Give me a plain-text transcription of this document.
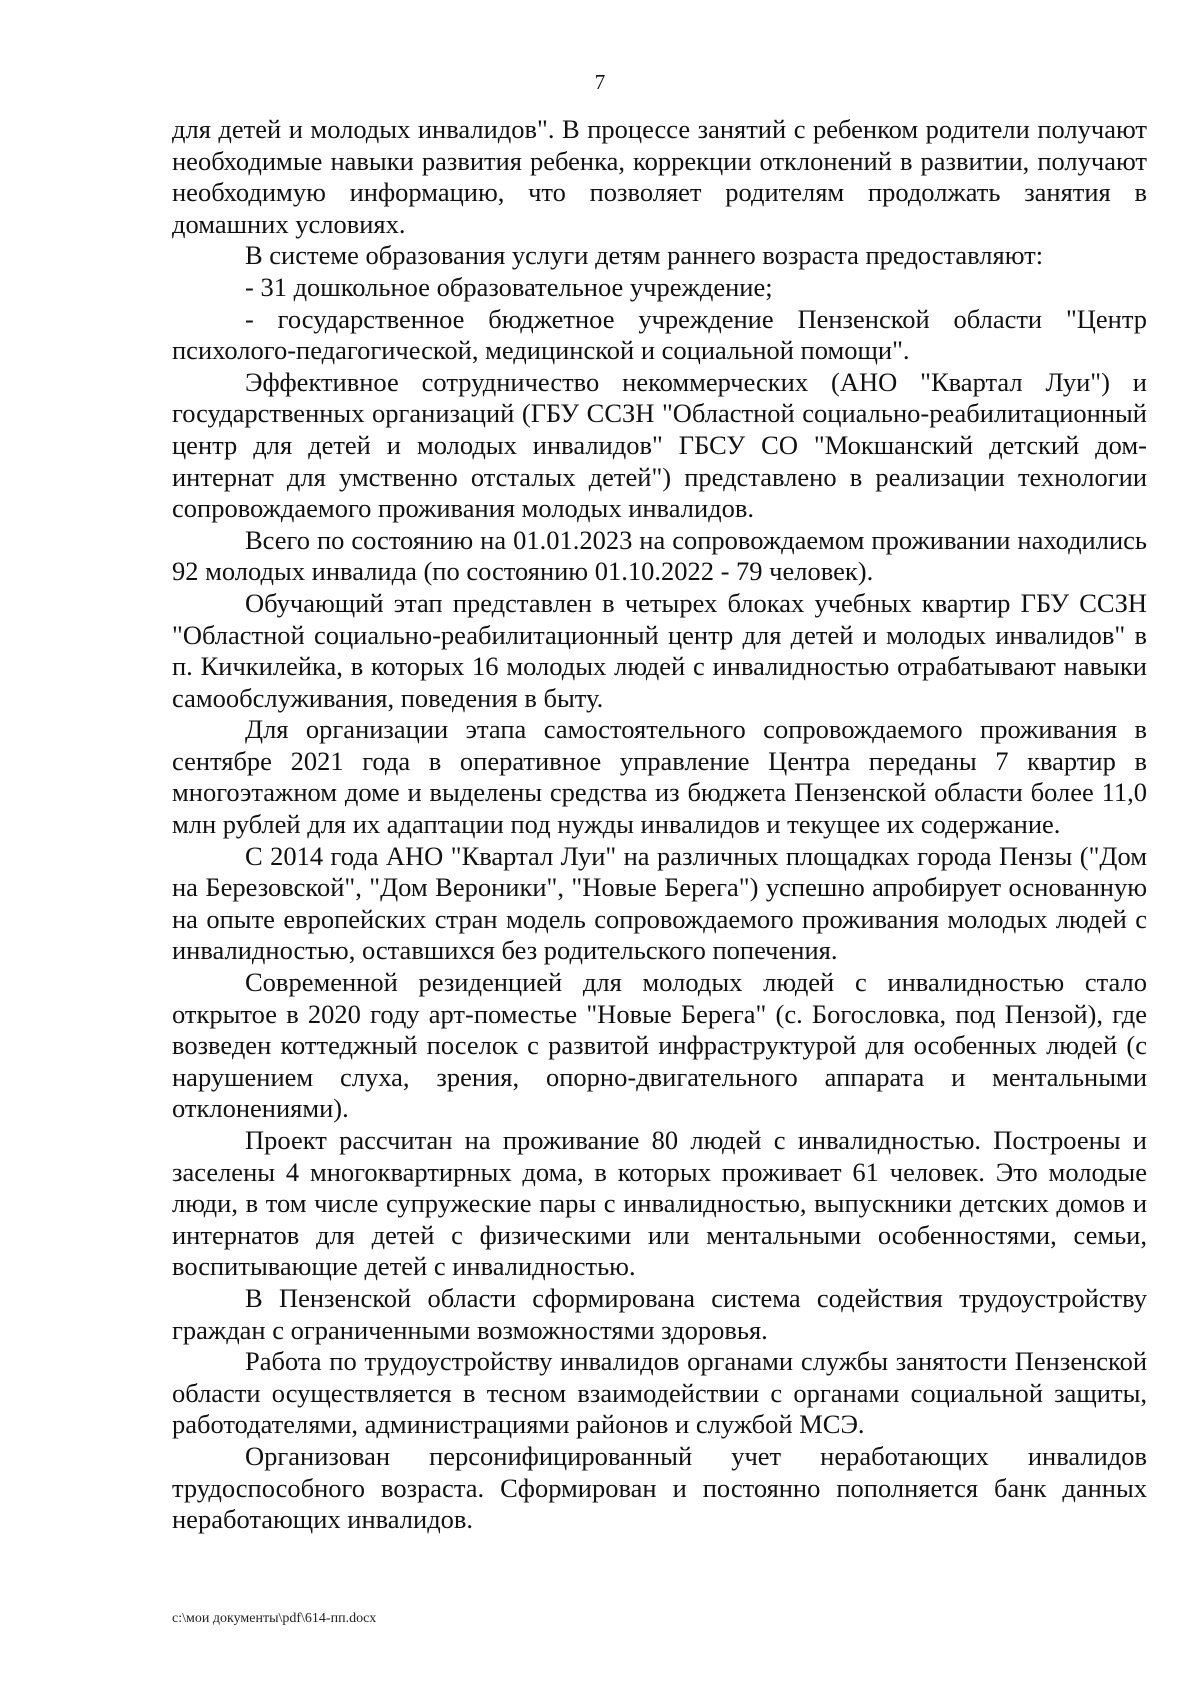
7

для детей и молодых инвалидов". В процессе занятий с ребенком родители получают необходимые навыки развития ребенка, коррекции отклонений в развитии, получают необходимую информацию, что позволяет родителям продолжать занятия в домашних условиях.

В системе образования услуги детям раннего возраста предоставляют:

- 31 дошкольное образовательное учреждение;

- государственное бюджетное учреждение Пензенской области "Центр психолого-педагогической, медицинской и социальной помощи".

Эффективное сотрудничество некоммерческих (АНО "Квартал Луи") и государственных организаций (ГБУ ССЗН "Областной социально-реабилитационный центр для детей и молодых инвалидов" ГБСУ СО "Мокшанский детский дом-интернат для умственно отсталых детей") представлено в реализации технологии сопровождаемого проживания молодых инвалидов.

Всего по состоянию на 01.01.2023 на сопровождаемом проживании находились 92 молодых инвалида (по состоянию 01.10.2022 - 79 человек).

Обучающий этап представлен в четырех блоках учебных квартир ГБУ ССЗН "Областной социально-реабилитационный центр для детей и молодых инвалидов" в п. Кичкилейка, в которых 16 молодых людей с инвалидностью отрабатывают навыки самообслуживания, поведения в быту.

Для организации этапа самостоятельного сопровождаемого проживания в сентябре 2021 года в оперативное управление Центра переданы 7 квартир в многоэтажном доме и выделены средства из бюджета Пензенской области более 11,0 млн рублей для их адаптации под нужды инвалидов и текущее их содержание.

С 2014 года АНО "Квартал Луи" на различных площадках города Пензы ("Дом на Березовской", "Дом Вероники", "Новые Берега") успешно апробирует основанную на опыте европейских стран модель сопровождаемого проживания молодых людей с инвалидностью, оставшихся без родительского попечения.

Современной резиденцией для молодых людей с инвалидностью стало открытое в 2020 году арт-поместье "Новые Берега" (с. Богословка, под Пензой), где возведен коттеджный поселок с развитой инфраструктурой для особенных людей (с нарушением слуха, зрения, опорно-двигательного аппарата и ментальными отклонениями).

Проект рассчитан на проживание 80 людей с инвалидностью. Построены и заселены 4 многоквартирных дома, в которых проживает 61 человек. Это молодые люди, в том числе супружеские пары с инвалидностью, выпускники детских домов и интернатов для детей с физическими или ментальными особенностями, семьи, воспитывающие детей с инвалидностью.

В Пензенской области сформирована система содействия трудоустройству граждан с ограниченными возможностями здоровья.

Работа по трудоустройству инвалидов органами службы занятости Пензенской области осуществляется в тесном взаимодействии с органами социальной защиты, работодателями, администрациями районов и службой МСЭ.

Организован персонифицированный учет неработающих инвалидов трудоспособного возраста. Сформирован и постоянно пополняется банк данных неработающих инвалидов.

c:\мои документы\pdf\614-пп.docx
